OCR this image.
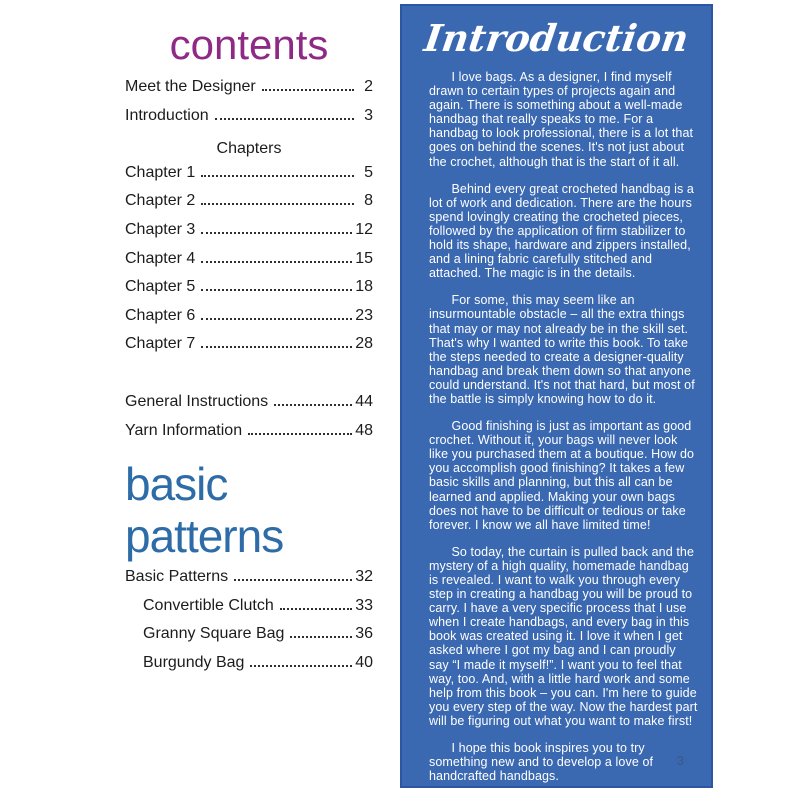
contents
Meet the Designer	2
Introduction	3
Chapters
Chapter 1	5
Chapter 2	8
Chapter 3	12
Chapter 4	15
Chapter 5	18
Chapter 6	23
Chapter 7	28
General Instructions	44
Yarn Information	48
basic patterns
Basic Patterns	32
Convertible Clutch	33
Granny Square Bag	36
Burgundy Bag	40
Introduction

I love bags. As a designer, I find myself drawn to certain types of projects again and again. There is something about a well-made handbag that really speaks to me. For a handbag to look professional, there is a lot that goes on behind the scenes. It's not just about the crochet, although that is the start of it all.

Behind every great crocheted handbag is a lot of work and dedication. There are the hours spend lovingly creating the crocheted pieces, followed by the application of firm stabilizer to hold its shape, hardware and zippers installed, and a lining fabric carefully stitched and attached. The magic is in the details.

For some, this may seem like an insurmountable obstacle – all the extra things that may or may not already be in the skill set. That's why I wanted to write this book. To take the steps needed to create a designer-quality handbag and break them down so that anyone could understand. It's not that hard, but most of the battle is simply knowing how to do it.

Good finishing is just as important as good crochet. Without it, your bags will never look like you purchased them at a boutique. How do you accomplish good finishing? It takes a few basic skills and planning, but this all can be learned and applied. Making your own bags does not have to be difficult or tedious or take forever. I know we all have limited time!

So today, the curtain is pulled back and the mystery of a high quality, homemade handbag is revealed. I want to walk you through every step in creating a handbag you will be proud to carry. I have a very specific process that I use when I create handbags, and every bag in this book was created using it. I love it when I get asked where I got my bag and I can proudly say “I made it myself!”. I want you to feel that way, too. And, with a little hard work and some help from this book – you can. I'm here to guide you every step of the way. Now the hardest part will be figuring out what you want to make first!

I hope this book inspires you to try something new and to develop a love of handcrafted handbags.

3
